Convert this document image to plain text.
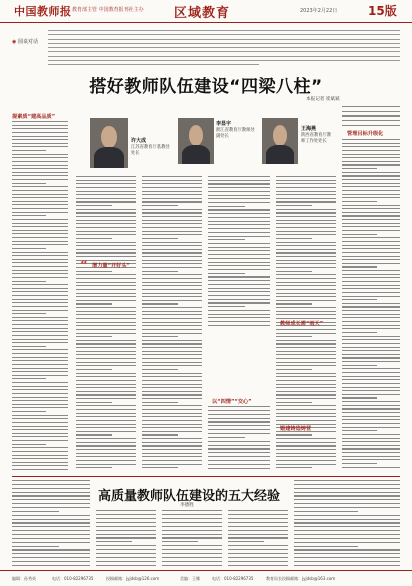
中国教师报 教育部主管 中国教育报刊社主办 区域教育	2023年2月22日	15版
◉ 圆桌对话
搭好教师队伍建设“四梁八柱”
本报记者 崔斌斌
提素质“建高品质”
许大成
江苏省教育厅基教处处长
李显宇
浙江省教育厅教师处副处长
王海燕
陕西省教育厅教师工作处处长
管理目标升级化
“ 增力量“开好头”
以“四情”“交心”
教师成长需“雨天”
锻建铸造铸营
高质量教师队伍建设的五大经验
李德胜
编辑：孙秀英	电话：010-82296735	投稿邮箱：jyjdsb@126.com	美编：王娜	电话：010-82296735	教育局长投稿邮箱：jyjdsb@163.com
